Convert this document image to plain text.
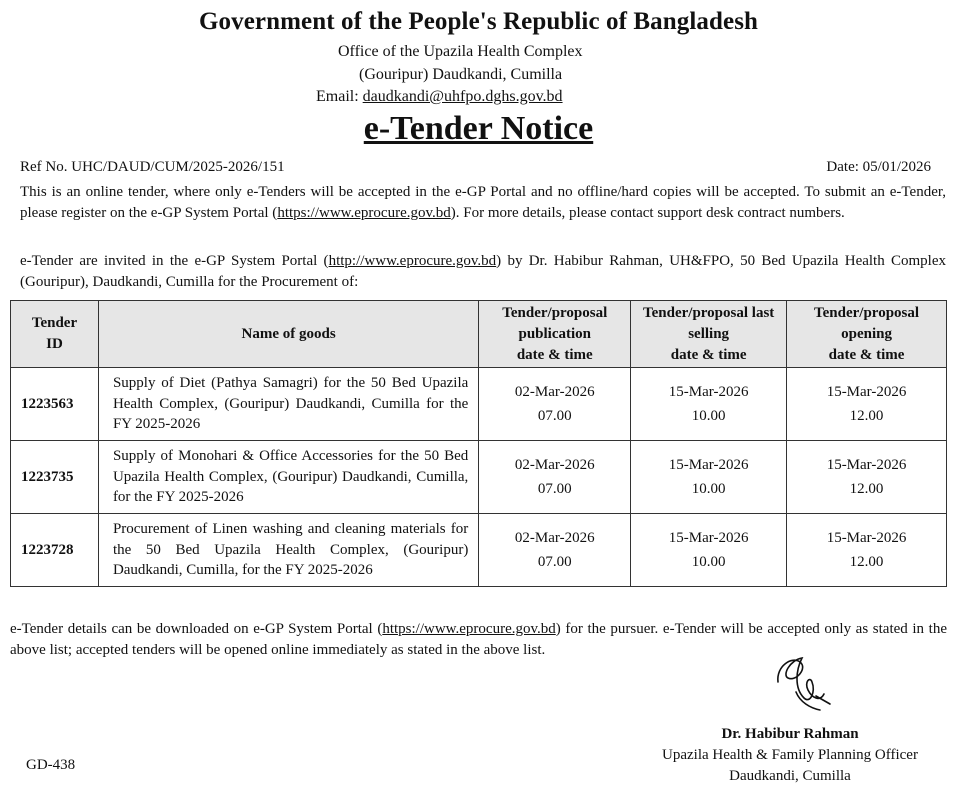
Government of the People's Republic of Bangladesh
Office of the Upazila Health Complex
(Gouripur) Daudkandi, Cumilla
Email: daudkandi@uhfpo.dghs.gov.bd
e-Tender Notice
Ref No. UHC/DAUD/CUM/2025-2026/151	Date: 05/01/2026

This is an online tender, where only e-Tenders will be accepted in the e-GP Portal and no offline/hard copies will be accepted. To submit an e-Tender, please register on the e-GP System Portal (https://www.eprocure.gov.bd). For more details, please contact support desk contract numbers.

e-Tender are invited in the e-GP System Portal (http://www.eprocure.gov.bd) by Dr. Habibur Rahman, UH&FPO, 50 Bed Upazila Health Complex (Gouripur), Daudkandi, Cumilla for the Procurement of:

Tender
ID	Name of goods	Tender/proposal
publication
date & time	Tender/proposal last
selling
date & time	Tender/proposal
opening
date & time
1223563	Supply of Diet (Pathya Samagri) for the 50 Bed Upazila Health Complex, (Gouripur) Daudkandi, Cumilla for the FY 2025-2026	02-Mar-2026
07.00	15-Mar-2026
10.00	15-Mar-2026
12.00

1223735	Supply of Monohari & Office Accessories for the 50 Bed Upazila Health Complex, (Gouripur) Daudkandi, Cumilla, for the FY 2025-2026	02-Mar-2026
07.00	15-Mar-2026
10.00	15-Mar-2026
12.00

1223728	Procurement of Linen washing and cleaning materials for the 50 Bed Upazila Health Complex, (Gouripur) Daudkandi, Cumilla, for the FY 2025-2026	02-Mar-2026
07.00	15-Mar-2026
10.00	15-Mar-2026
12.00

e-Tender details can be downloaded on e-GP System Portal (https://www.eprocure.gov.bd) for the pursuer. e-Tender will be accepted only as stated in the above list; accepted tenders will be opened online immediately as stated in the above list.

Dr. Habibur Rahman
Upazila Health & Family Planning Officer
Daudkandi, Cumilla
GD-438
